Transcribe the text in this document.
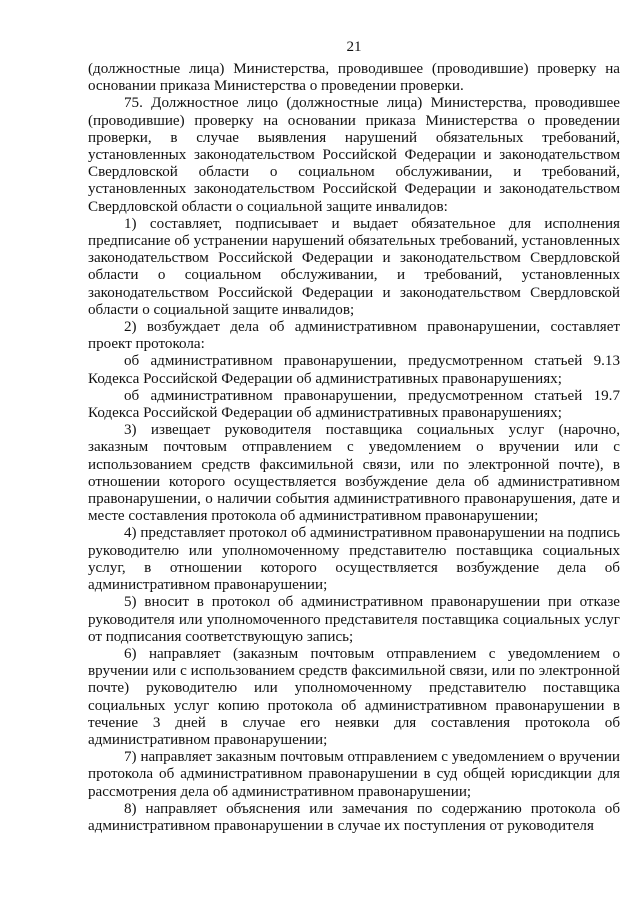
21

(должностные лица) Министерства, проводившее (проводившие) проверку на основании приказа Министерства о проведении проверки.

75. Должностное лицо (должностные лица) Министерства, проводившее (проводившие) проверку на основании приказа Министерства о проведении проверки, в случае выявления нарушений обязательных требований, установленных законодательством Российской Федерации и законодательством Свердловской области о социальном обслуживании, и требований, установленных законодательством Российской Федерации и законодательством Свердловской области о социальной защите инвалидов:

1) составляет, подписывает и выдает обязательное для исполнения предписание об устранении нарушений обязательных требований, установленных законодательством Российской Федерации и законодательством Свердловской области о социальном обслуживании, и требований, установленных законодательством Российской Федерации и законодательством Свердловской области о социальной защите инвалидов;

2) возбуждает дела об административном правонарушении, составляет проект протокола:

об административном правонарушении, предусмотренном статьей 9.13 Кодекса Российской Федерации об административных правонарушениях;

об административном правонарушении, предусмотренном статьей 19.7 Кодекса Российской Федерации об административных правонарушениях;

3) извещает руководителя поставщика социальных услуг (нарочно, заказным почтовым отправлением с уведомлением о вручении или с использованием средств факсимильной связи, или по электронной почте), в отношении которого осуществляется возбуждение дела об административном правонарушении, о наличии события административного правонарушения, дате и месте составления протокола об административном правонарушении;

4) представляет протокол об административном правонарушении на подпись руководителю или уполномоченному представителю поставщика социальных услуг, в отношении которого осуществляется возбуждение дела об административном правонарушении;

5) вносит в протокол об административном правонарушении при отказе руководителя или уполномоченного представителя поставщика социальных услуг от подписания соответствующую запись;

6) направляет (заказным почтовым отправлением с уведомлением о вручении или с использованием средств факсимильной связи, или по электронной почте) руководителю или уполномоченному представителю поставщика социальных услуг копию протокола об административном правонарушении в течение 3 дней в случае его неявки для составления протокола об административном правонарушении;

7) направляет заказным почтовым отправлением с уведомлением о вручении протокола об административном правонарушении в суд общей юрисдикции для рассмотрения дела об административном правонарушении;

8) направляет объяснения или замечания по содержанию протокола об административном правонарушении в случае их поступления от руководителя
